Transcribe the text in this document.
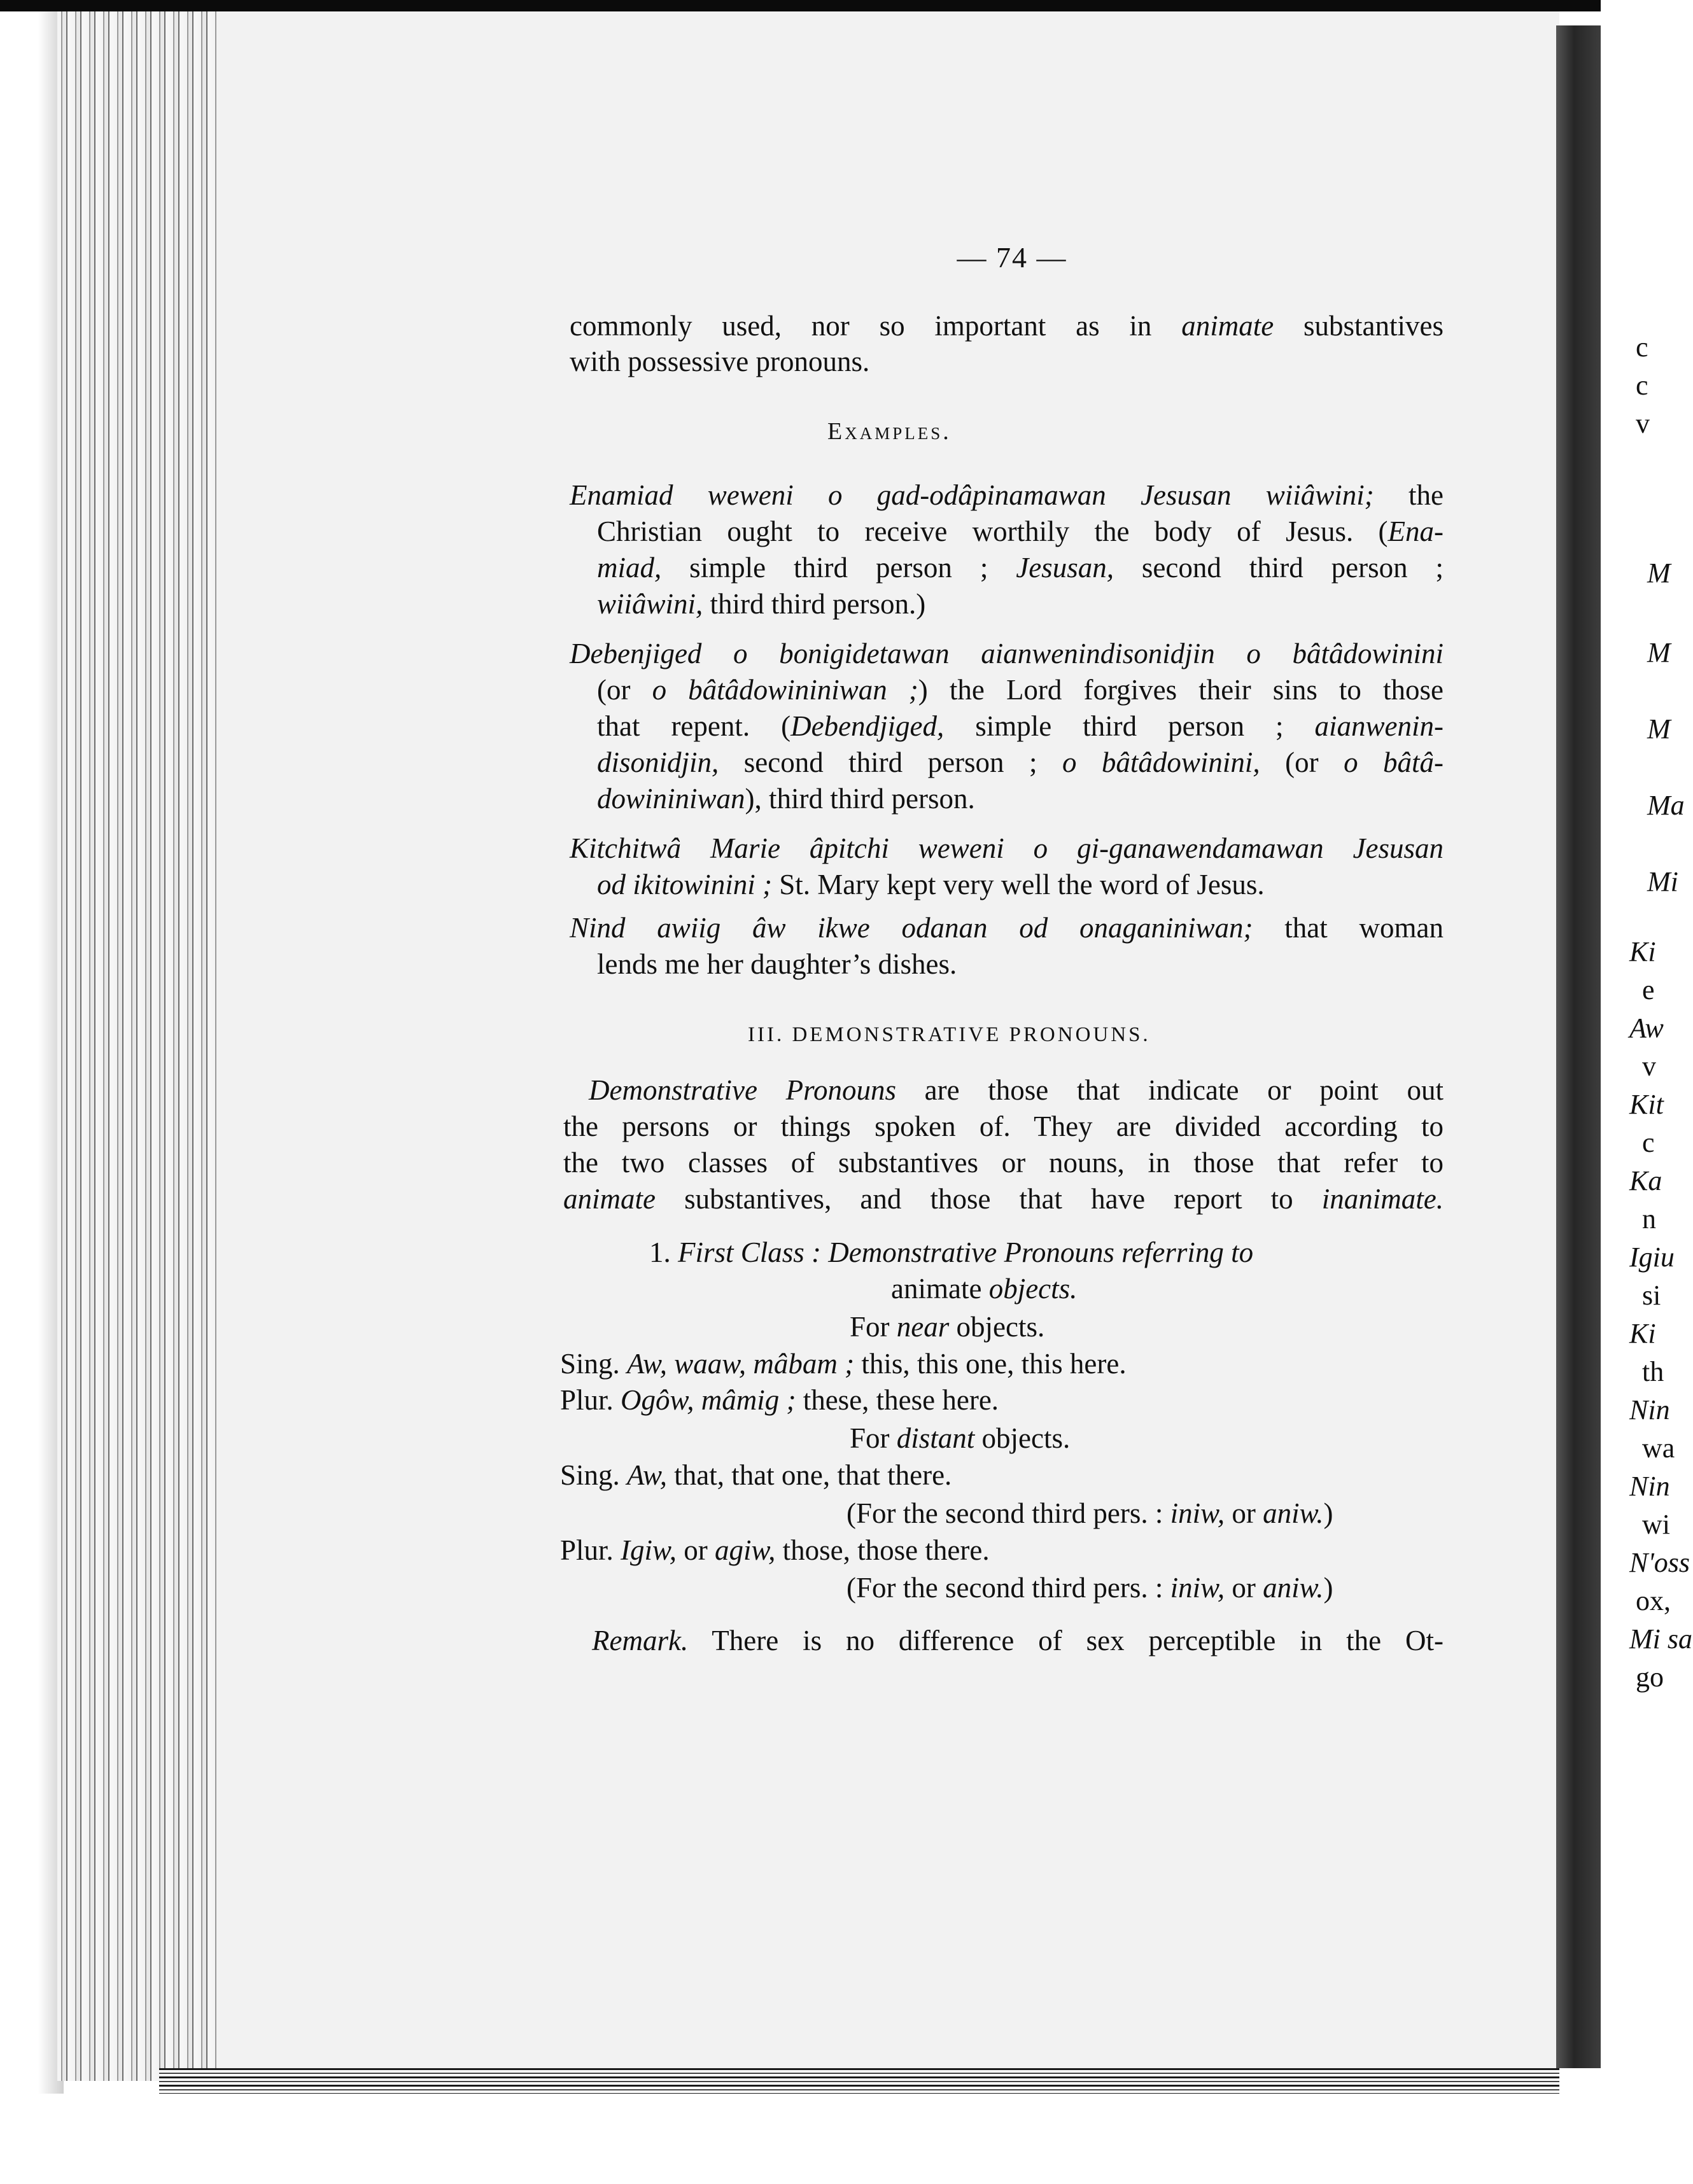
c
c
v
M
M
M
Ma
Mi
Ki
e
Aw
v
Kit
c
Ka
n
Igiu
si
Ki
th
Nin
wa
Nin
wi
N'oss
ox,
Mi sa
go
— 74 —
commonly used, nor so important as in animate substantives
with possessive pronouns.
Examples.
Enamiad weweni o gad-odâpinamawan Jesusan wiiâwini; the
Christian ought to receive worthily the body of Jesus. (Ena-
miad, simple third person ; Jesusan, second third person ;
wiiâwini, third third person.)
Debenjiged o bonigidetawan aianwenindisonidjin o bâtâdowinini
(or o bâtâdowininiwan ;) the Lord forgives their sins to those
that repent. (Debendjiged, simple third person ; aianwenin-
disonidjin, second third person ; o bâtâdowinini, (or o bâtâ-
dowininiwan), third third person.
Kitchitwâ Marie âpitchi weweni o gi-ganawendamawan Jesusan
od ikitowinini ; St. Mary kept very well the word of Jesus.
Nind awiig âw ikwe odanan od onaganiniwan; that woman
lends me her daughter’s dishes.
III. DEMONSTRATIVE PRONOUNS.
Demonstrative Pronouns are those that indicate or point out
the persons or things spoken of. They are divided according to
the two classes of substantives or nouns, in those that refer to
animate substantives, and those that have report to inanimate.
1. First Class : Demonstrative Pronouns referring to
animate objects.
For near objects.
Sing. Aw, waaw, mâbam ; this, this one, this here.
Plur. Ogôw, mâmig ; these, these here.
For distant objects.
Sing. Aw, that, that one, that there.
(For the second third pers. : iniw, or aniw.)
Plur. Igiw, or agiw, those, those there.
(For the second third pers. : iniw, or aniw.)
Remark. There is no difference of sex perceptible in the Ot-
